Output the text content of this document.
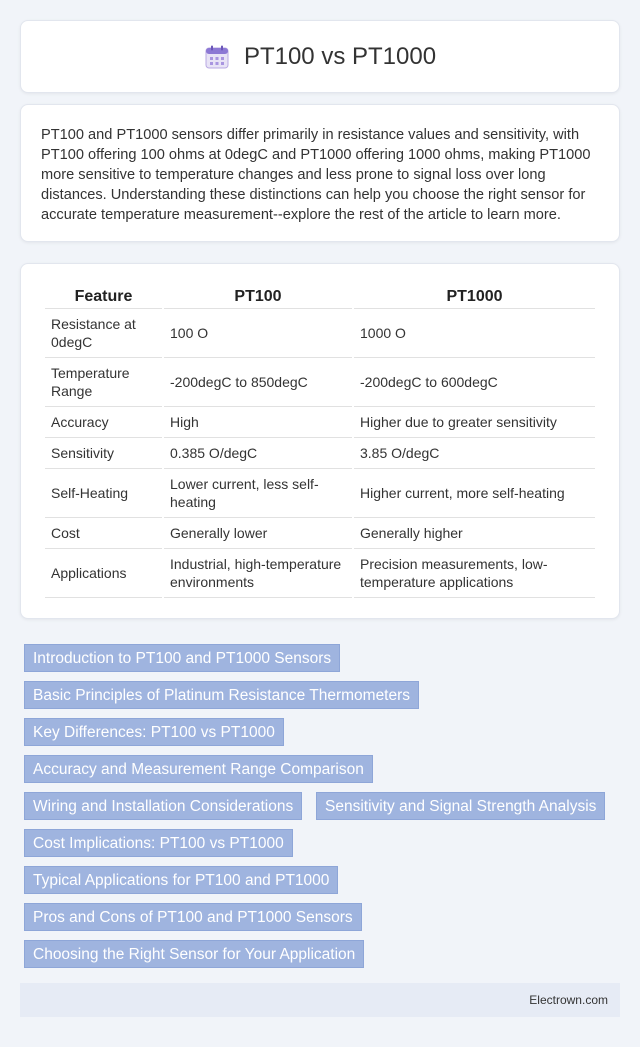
PT100 vs PT1000

PT100 and PT1000 sensors differ primarily in resistance values and sensitivity, with PT100 offering 100 ohms at 0degC and PT1000 offering 1000 ohms, making PT1000 more sensitive to temperature changes and less prone to signal loss over long distances. Understanding these distinctions can help you choose the right sensor for accurate temperature measurement--explore the rest of the article to learn more.

Feature	PT100	PT1000
Resistance at 0degC	100 O	1000 O
Temperature Range	-200degC to 850degC	-200degC to 600degC
Accuracy	High	Higher due to greater sensitivity
Sensitivity	0.385 O/degC	3.85 O/degC
Self-Heating	Lower current, less self-heating	Higher current, more self-heating
Cost	Generally lower	Generally higher
Applications	Industrial, high-temperature environments	Precision measurements, low-temperature applications
Introduction to PT100 and PT1000 Sensors
Basic Principles of Platinum Resistance Thermometers
Key Differences: PT100 vs PT1000
Accuracy and Measurement Range Comparison
Wiring and Installation Considerations	Sensitivity and Signal Strength Analysis
Cost Implications: PT100 vs PT1000
Typical Applications for PT100 and PT1000
Pros and Cons of PT100 and PT1000 Sensors
Choosing the Right Sensor for Your Application
Electrown.com
